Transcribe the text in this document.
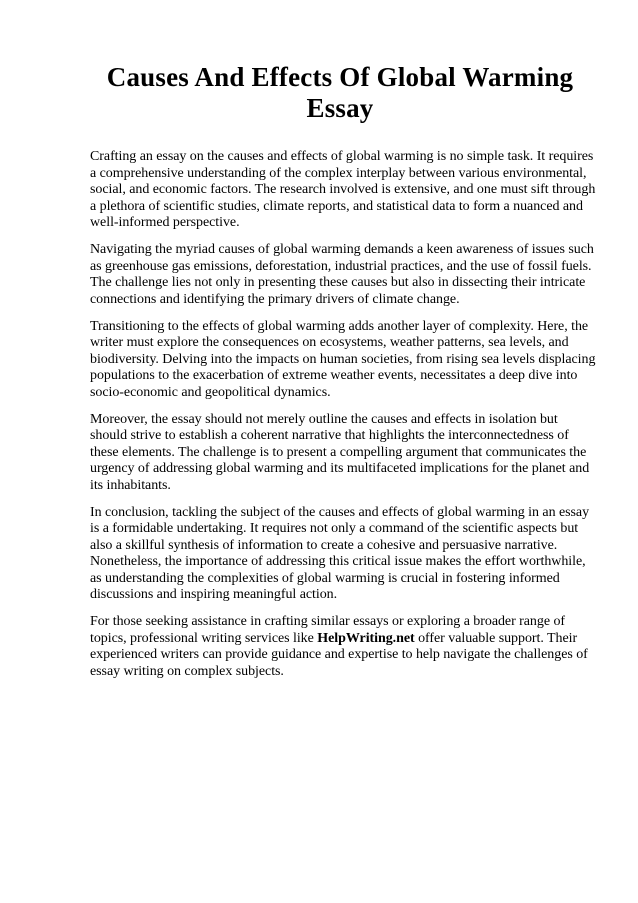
Causes And Effects Of Global Warming Essay

Crafting an essay on the causes and effects of global warming is no simple task. It requires a comprehensive understanding of the complex interplay between various environmental, social, and economic factors. The research involved is extensive, and one must sift through a plethora of scientific studies, climate reports, and statistical data to form a nuanced and well-informed perspective.

Navigating the myriad causes of global warming demands a keen awareness of issues such as greenhouse gas emissions, deforestation, industrial practices, and the use of fossil fuels. The challenge lies not only in presenting these causes but also in dissecting their intricate connections and identifying the primary drivers of climate change.

Transitioning to the effects of global warming adds another layer of complexity. Here, the writer must explore the consequences on ecosystems, weather patterns, sea levels, and biodiversity. Delving into the impacts on human societies, from rising sea levels displacing populations to the exacerbation of extreme weather events, necessitates a deep dive into socio-economic and geopolitical dynamics.

Moreover, the essay should not merely outline the causes and effects in isolation but should strive to establish a coherent narrative that highlights the interconnectedness of these elements. The challenge is to present a compelling argument that communicates the urgency of addressing global warming and its multifaceted implications for the planet and its inhabitants.

In conclusion, tackling the subject of the causes and effects of global warming in an essay is a formidable undertaking. It requires not only a command of the scientific aspects but also a skillful synthesis of information to create a cohesive and persuasive narrative. Nonetheless, the importance of addressing this critical issue makes the effort worthwhile, as understanding the complexities of global warming is crucial in fostering informed discussions and inspiring meaningful action.

For those seeking assistance in crafting similar essays or exploring a broader range of topics, professional writing services like HelpWriting.net offer valuable support. Their experienced writers can provide guidance and expertise to help navigate the challenges of essay writing on complex subjects.
